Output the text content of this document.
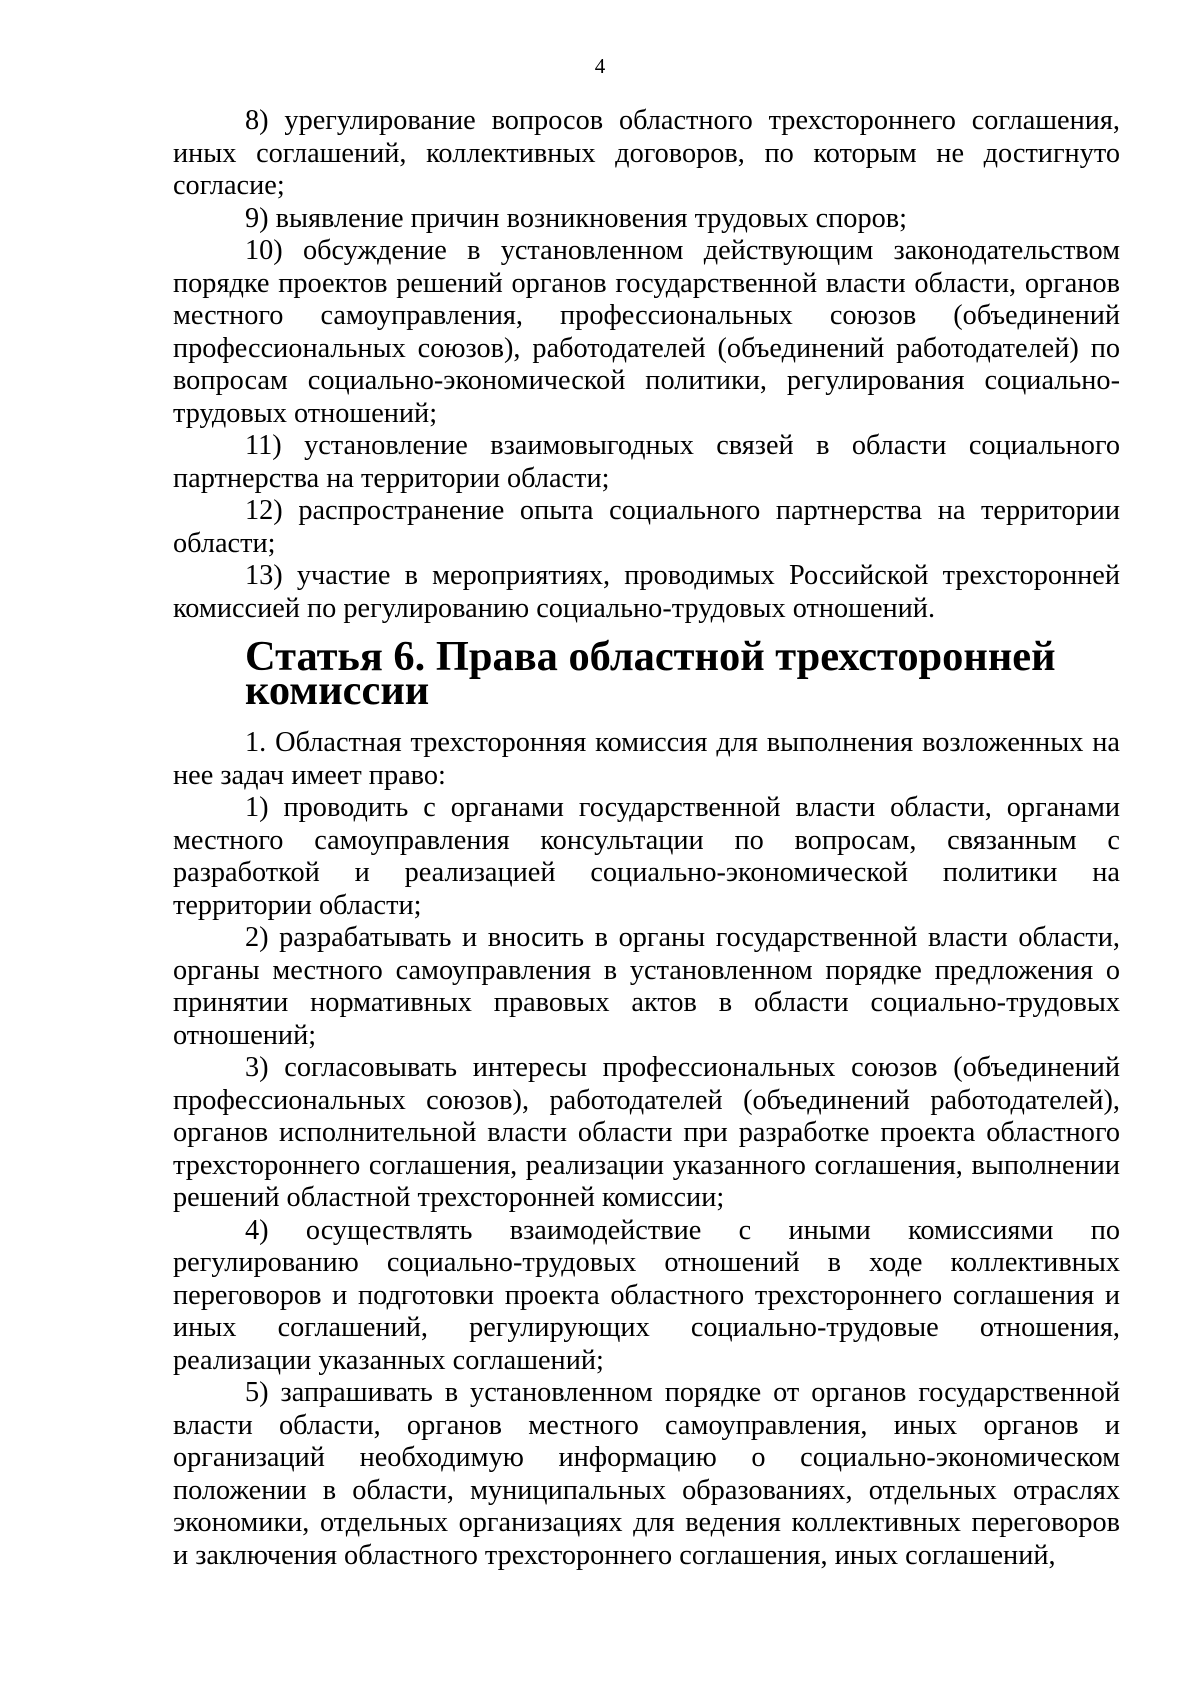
4

8) урегулирование вопросов областного трехстороннего соглашения, иных соглашений, коллективных договоров, по которым не достигнуто согласие;

9) выявление причин возникновения трудовых споров;

10) обсуждение в установленном действующим законодательством порядке проектов решений органов государственной власти области, органов местного самоуправления, профессиональных союзов (объединений профессиональных союзов), работодателей (объединений работодателей) по вопросам социально-экономической политики, регулирования социально-трудовых отношений;

11) установление взаимовыгодных связей в области социального партнерства на территории области;

12) распространение опыта социального партнерства на территории области;

13) участие в мероприятиях, проводимых Российской трехсторонней комиссией по регулированию социально-трудовых отношений.

Статья 6. Права областной трехсторонней комиссии

1. Областная трехсторонняя комиссия для выполнения возложенных на нее задач имеет право:

1) проводить с органами государственной власти области, органами местного самоуправления консультации по вопросам, связанным с разработкой и реализацией социально-экономической политики на территории области;

2) разрабатывать и вносить в органы государственной власти области, органы местного самоуправления в установленном порядке предложения о принятии нормативных правовых актов в области социально-трудовых отношений;

3) согласовывать интересы профессиональных союзов (объединений профессиональных союзов), работодателей (объединений работодателей), органов исполнительной власти области при разработке проекта областного трехстороннего соглашения, реализации указанного соглашения, выполнении решений областной трехсторонней комиссии;

4) осуществлять взаимодействие с иными комиссиями по регулированию социально-трудовых отношений в ходе коллективных переговоров и подготовки проекта областного трехстороннего соглашения и иных соглашений, регулирующих социально-трудовые отношения, реализации указанных соглашений;

5) запрашивать в установленном порядке от органов государственной власти области, органов местного самоуправления, иных органов и организаций необходимую информацию о социально-экономическом положении в области, муниципальных образованиях, отдельных отраслях экономики, отдельных организациях для ведения коллективных переговоров и заключения областного трехстороннего соглашения, иных соглашений,
